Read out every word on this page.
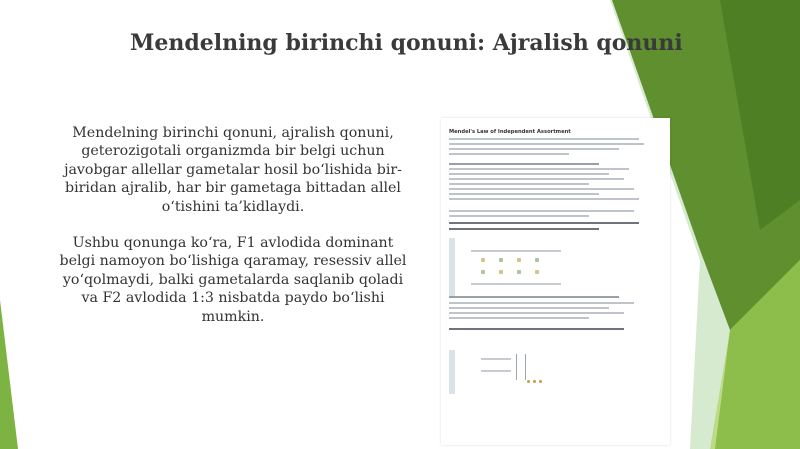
Mendelning birinchi qonuni: Ajralish qonuni

Mendelning birinchi qonuni, ajralish qonuni, geterozigotali organizmda bir belgi uchun javobgar allellar gametalar hosil bo‘lishida bir-biridan ajralib, har bir gametaga bittadan allel o‘tishini ta’kidlaydi.

Ushbu qonunga ko‘ra, F1 avlodida dominant belgi namoyon bo‘lishiga qaramay, resessiv allel yo‘qolmaydi, balki gametalarda saqlanib qoladi va F2 avlodida 1:3 nisbatda paydo bo‘lishi mumkin.

Mendel's Law of Independent Assortment
